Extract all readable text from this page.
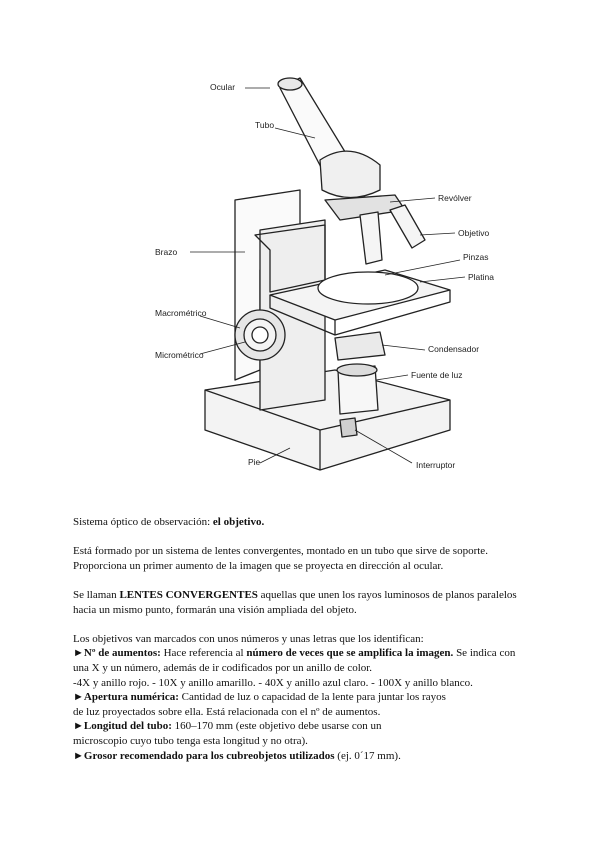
Ocular
Tubo
Revólver
Objetivo
Pinzas
Platina
Brazo
Macrométrico
Micrométrico
Condensador
Fuente de luz
Pie	Interruptor

Sistema óptico de observación: el objetivo.

Está formado por un sistema de lentes convergentes, montado en un tubo que sirve de soporte.

Proporciona un primer aumento de la imagen que se proyecta en dirección al ocular.

Se llaman LENTES CONVERGENTES aquellas que unen los rayos luminosos de planos paralelos

hacia un mismo punto, formarán una visión ampliada del objeto.

Los objetivos van marcados con unos números y unas letras que los identifican:

►Nº de aumentos: Hace referencia al número de veces que se amplifica la imagen. Se indica con

una X y un número, además de ir codificados por un anillo de color.

-4X y anillo rojo. - 10X y anillo amarillo. - 40X y anillo azul claro. - 100X y anillo blanco.

►Apertura numérica: Cantidad de luz o capacidad de la lente para juntar los rayos

de luz proyectados sobre ella. Está relacionada con el nº de aumentos.

►Longitud del tubo: 160–170 mm (este objetivo debe usarse con un

microscopio cuyo tubo tenga esta longitud y no otra).

►Grosor recomendado para los cubreobjetos utilizados (ej. 0´17 mm).
